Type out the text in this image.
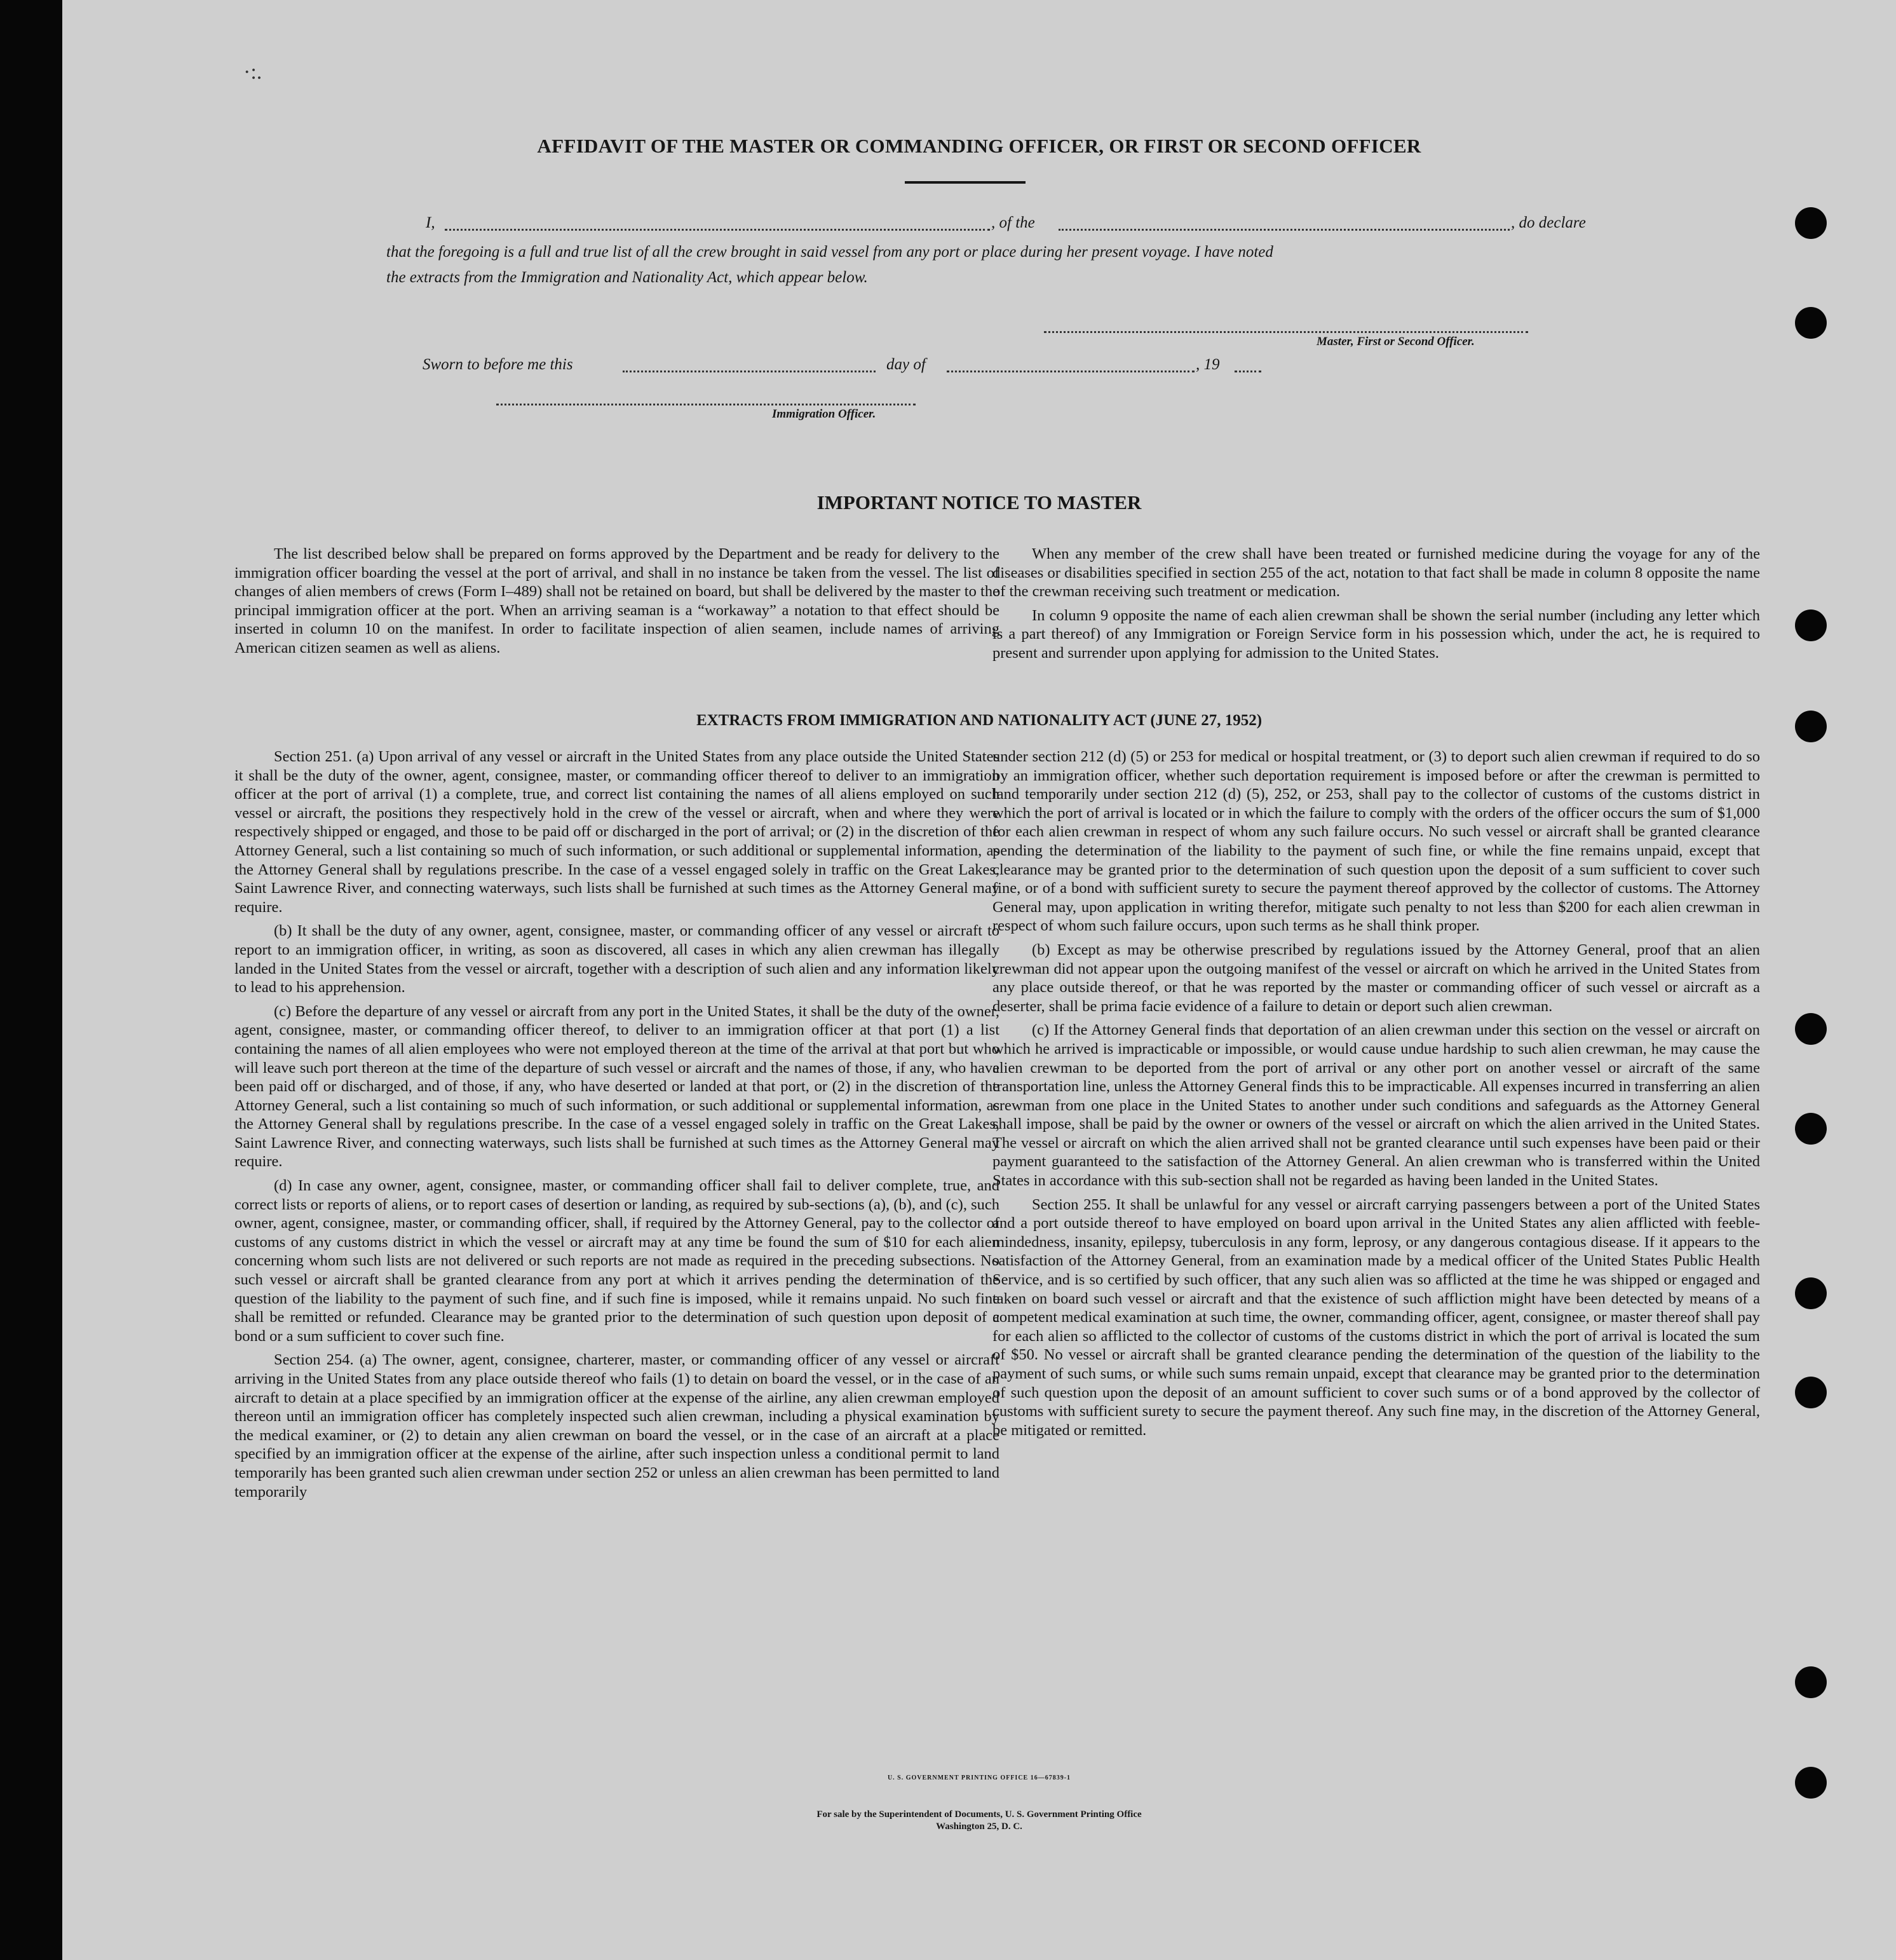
·:.
AFFIDAVIT OF THE MASTER OR COMMANDING OFFICER, OR FIRST OR SECOND OFFICER
I,	, of the	, do declare
that the foregoing is a full and true list of all the crew brought in said vessel from any port or place during her present voyage. I have noted
the extracts from the Immigration and Nationality Act, which appear below.
Master, First or Second Officer.
Sworn to before me this	day of	, 19
Immigration Officer.
IMPORTANT NOTICE TO MASTER

The list described below shall be prepared on forms approved by the Department and be ready for delivery to the immigration officer boarding the vessel at the port of arrival, and shall in no instance be taken from the vessel. The list of changes of alien members of crews (Form I–489) shall not be retained on board, but shall be delivered by the master to the principal immigration officer at the port. When an arriving seaman is a “workaway” a notation to that effect should be inserted in column 10 on the manifest. In order to facilitate inspection of alien seamen, include names of arriving American citizen seamen as well as aliens.

When any member of the crew shall have been treated or furnished medicine during the voyage for any of the diseases or disabilities specified in section 255 of the act, notation to that fact shall be made in column 8 opposite the name of the crewman receiving such treatment or medication.

In column 9 opposite the name of each alien crewman shall be shown the serial number (including any letter which is a part thereof) of any Immigration or Foreign Service form in his possession which, under the act, he is required to present and surrender upon applying for admission to the United States.

EXTRACTS FROM IMMIGRATION AND NATIONALITY ACT (JUNE 27, 1952)

Section 251. (a) Upon arrival of any vessel or aircraft in the United States from any place outside the United States it shall be the duty of the owner, agent, consignee, master, or commanding officer thereof to deliver to an immigration officer at the port of arrival (1) a complete, true, and correct list containing the names of all aliens employed on such vessel or aircraft, the positions they respectively hold in the crew of the vessel or aircraft, when and where they were respectively shipped or engaged, and those to be paid off or discharged in the port of arrival; or (2) in the discretion of the Attorney General, such a list containing so much of such information, or such additional or supplemental information, as the Attorney General shall by regulations prescribe. In the case of a vessel engaged solely in traffic on the Great Lakes, Saint Lawrence River, and connecting waterways, such lists shall be furnished at such times as the Attorney General may require.

(b) It shall be the duty of any owner, agent, consignee, master, or commanding officer of any vessel or aircraft to report to an immigration officer, in writing, as soon as discovered, all cases in which any alien crewman has illegally landed in the United States from the vessel or aircraft, together with a description of such alien and any information likely to lead to his apprehension.

(c) Before the departure of any vessel or aircraft from any port in the United States, it shall be the duty of the owner, agent, consignee, master, or commanding officer thereof, to deliver to an immigration officer at that port (1) a list containing the names of all alien employees who were not employed thereon at the time of the arrival at that port but who will leave such port thereon at the time of the departure of such vessel or aircraft and the names of those, if any, who have been paid off or discharged, and of those, if any, who have deserted or landed at that port, or (2) in the discretion of the Attorney General, such a list containing so much of such information, or such additional or supplemental information, as the Attorney General shall by regulations prescribe. In the case of a vessel engaged solely in traffic on the Great Lakes, Saint Lawrence River, and connecting waterways, such lists shall be furnished at such times as the Attorney General may require.

(d) In case any owner, agent, consignee, master, or commanding officer shall fail to deliver complete, true, and correct lists or reports of aliens, or to report cases of desertion or landing, as required by sub-sections (a), (b), and (c), such owner, agent, consignee, master, or commanding officer, shall, if required by the Attorney General, pay to the collector of customs of any customs district in which the vessel or aircraft may at any time be found the sum of $10 for each alien concerning whom such lists are not delivered or such reports are not made as required in the preceding subsections. No such vessel or aircraft shall be granted clearance from any port at which it arrives pending the determination of the question of the liability to the payment of such fine, and if such fine is imposed, while it remains unpaid. No such fine shall be remitted or refunded. Clearance may be granted prior to the determination of such question upon deposit of a bond or a sum sufficient to cover such fine.

Section 254. (a) The owner, agent, consignee, charterer, master, or commanding officer of any vessel or aircraft arriving in the United States from any place outside thereof who fails (1) to detain on board the vessel, or in the case of an aircraft to detain at a place specified by an immigration officer at the expense of the airline, any alien crewman employed thereon until an immigration officer has completely inspected such alien crewman, including a physical examination by the medical examiner, or (2) to detain any alien crewman on board the vessel, or in the case of an aircraft at a place specified by an immigration officer at the expense of the airline, after such inspection unless a conditional permit to land temporarily has been granted such alien crewman under section 252 or unless an alien crewman has been permitted to land temporarily

under section 212 (d) (5) or 253 for medical or hospital treatment, or (3) to deport such alien crewman if required to do so by an immigration officer, whether such deportation requirement is imposed before or after the crewman is permitted to land temporarily under section 212 (d) (5), 252, or 253, shall pay to the collector of customs of the customs district in which the port of arrival is located or in which the failure to comply with the orders of the officer occurs the sum of $1,000 for each alien crewman in respect of whom any such failure occurs. No such vessel or aircraft shall be granted clearance pending the determination of the liability to the payment of such fine, or while the fine remains unpaid, except that clearance may be granted prior to the determination of such question upon the deposit of a sum sufficient to cover such fine, or of a bond with sufficient surety to secure the payment thereof approved by the collector of customs. The Attorney General may, upon application in writing therefor, mitigate such penalty to not less than $200 for each alien crewman in respect of whom such failure occurs, upon such terms as he shall think proper.

(b) Except as may be otherwise prescribed by regulations issued by the Attorney General, proof that an alien crewman did not appear upon the outgoing manifest of the vessel or aircraft on which he arrived in the United States from any place outside thereof, or that he was reported by the master or commanding officer of such vessel or aircraft as a deserter, shall be prima facie evidence of a failure to detain or deport such alien crewman.

(c) If the Attorney General finds that deportation of an alien crewman under this section on the vessel or aircraft on which he arrived is impracticable or impossible, or would cause undue hardship to such alien crewman, he may cause the alien crewman to be deported from the port of arrival or any other port on another vessel or aircraft of the same transportation line, unless the Attorney General finds this to be impracticable. All expenses incurred in transferring an alien crewman from one place in the United States to another under such conditions and safeguards as the Attorney General shall impose, shall be paid by the owner or owners of the vessel or aircraft on which the alien arrived in the United States. The vessel or aircraft on which the alien arrived shall not be granted clearance until such expenses have been paid or their payment guaranteed to the satisfaction of the Attorney General. An alien crewman who is transferred within the United States in accordance with this sub-section shall not be regarded as having been landed in the United States.

Section 255. It shall be unlawful for any vessel or aircraft carrying passengers between a port of the United States and a port outside thereof to have employed on board upon arrival in the United States any alien afflicted with feeble-mindedness, insanity, epilepsy, tuberculosis in any form, leprosy, or any dangerous contagious disease. If it appears to the satisfaction of the Attorney General, from an examination made by a medical officer of the United States Public Health Service, and is so certified by such officer, that any such alien was so afflicted at the time he was shipped or engaged and taken on board such vessel or aircraft and that the existence of such affliction might have been detected by means of a competent medical examination at such time, the owner, commanding officer, agent, consignee, or master thereof shall pay for each alien so afflicted to the collector of customs of the customs district in which the port of arrival is located the sum of $50. No vessel or aircraft shall be granted clearance pending the determination of the question of the liability to the payment of such sums, or while such sums remain unpaid, except that clearance may be granted prior to the determination of such question upon the deposit of an amount sufficient to cover such sums or of a bond approved by the collector of customs with sufficient surety to secure the payment thereof. Any such fine may, in the discretion of the Attorney General, be mitigated or remitted.

U. S. GOVERNMENT PRINTING OFFICE 16—67839-1
For sale by the Superintendent of Documents, U. S. Government Printing Office
Washington 25, D. C.
